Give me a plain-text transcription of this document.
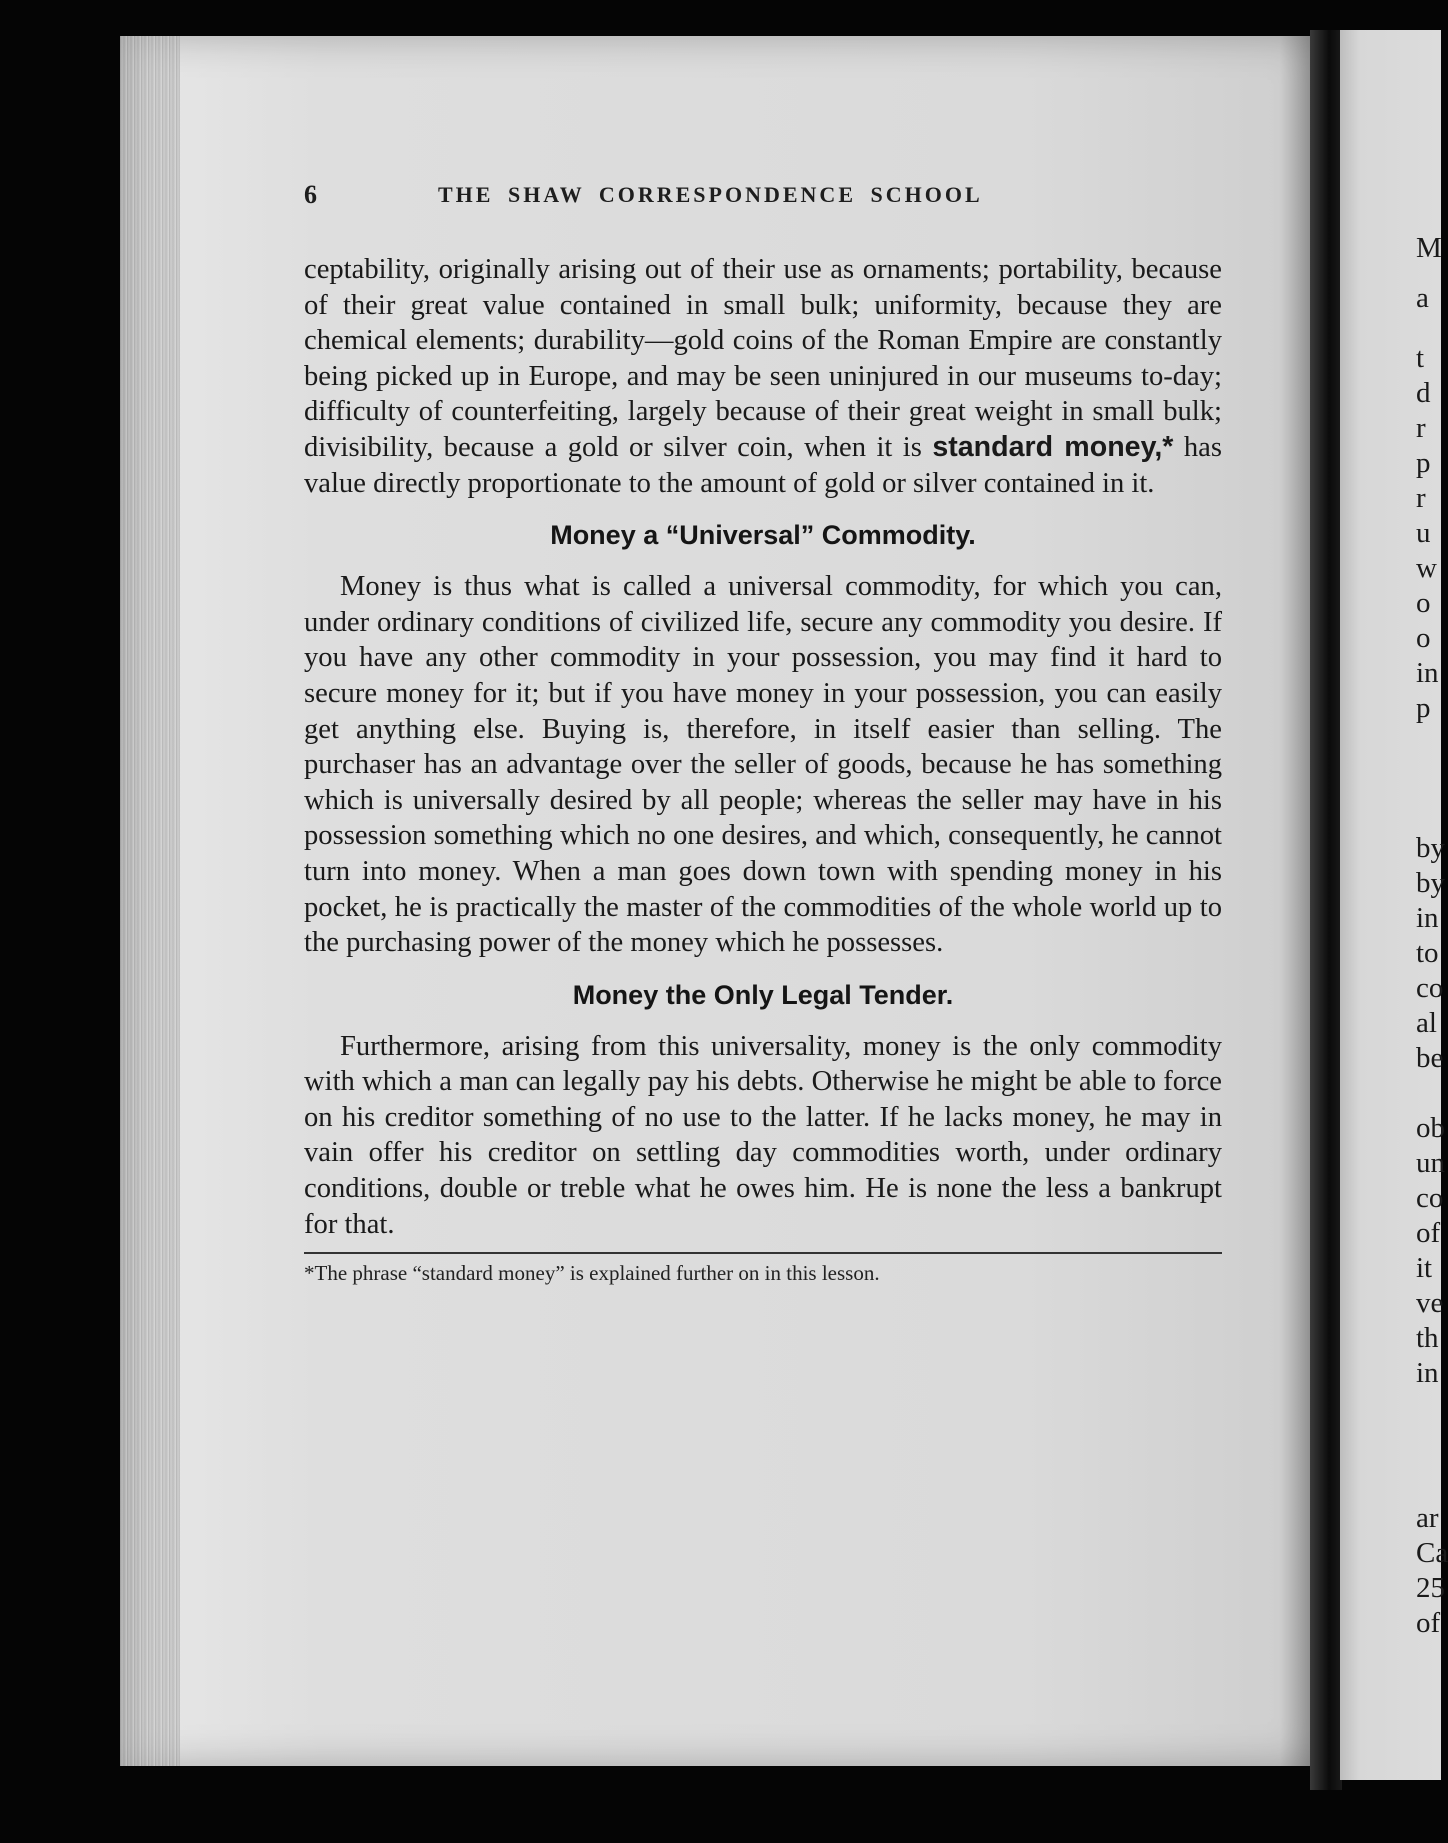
M
a
t
d
r
p
r
u
w
o
o
in
p
by
by
in
to
co
al
be
ob
un
co
of
it
ve
th
in
ar
Ca
25
of
6	THE SHAW CORRESPONDENCE SCHOOL

ceptability, originally arising out of their use as ornaments; portability, because of their great value contained in small bulk; uniformity, because they are chemical elements; durability—gold coins of the Roman Empire are constantly being picked up in Europe, and may be seen uninjured in our museums to-day; difficulty of counterfeiting, largely because of their great weight in small bulk; divisibility, because a gold or silver coin, when it is standard money,* has value directly proportionate to the amount of gold or silver contained in it.

Money a “Universal” Commodity.

Money is thus what is called a universal commodity, for which you can, under ordinary conditions of civilized life, secure any commodity you desire. If you have any other commodity in your possession, you may find it hard to secure money for it; but if you have money in your possession, you can easily get anything else. Buying is, therefore, in itself easier than selling. The purchaser has an advantage over the seller of goods, because he has something which is universally desired by all people; whereas the seller may have in his possession something which no one desires, and which, consequently, he cannot turn into money. When a man goes down town with spending money in his pocket, he is practically the master of the commodities of the whole world up to the purchasing power of the money which he possesses.

Money the Only Legal Tender.

Furthermore, arising from this universality, money is the only commodity with which a man can legally pay his debts. Otherwise he might be able to force on his creditor something of no use to the latter. If he lacks money, he may in vain offer his creditor on settling day commodities worth, under ordinary conditions, double or treble what he owes him. He is none the less a bankrupt for that.

*The phrase “standard money” is explained further on in this lesson.
